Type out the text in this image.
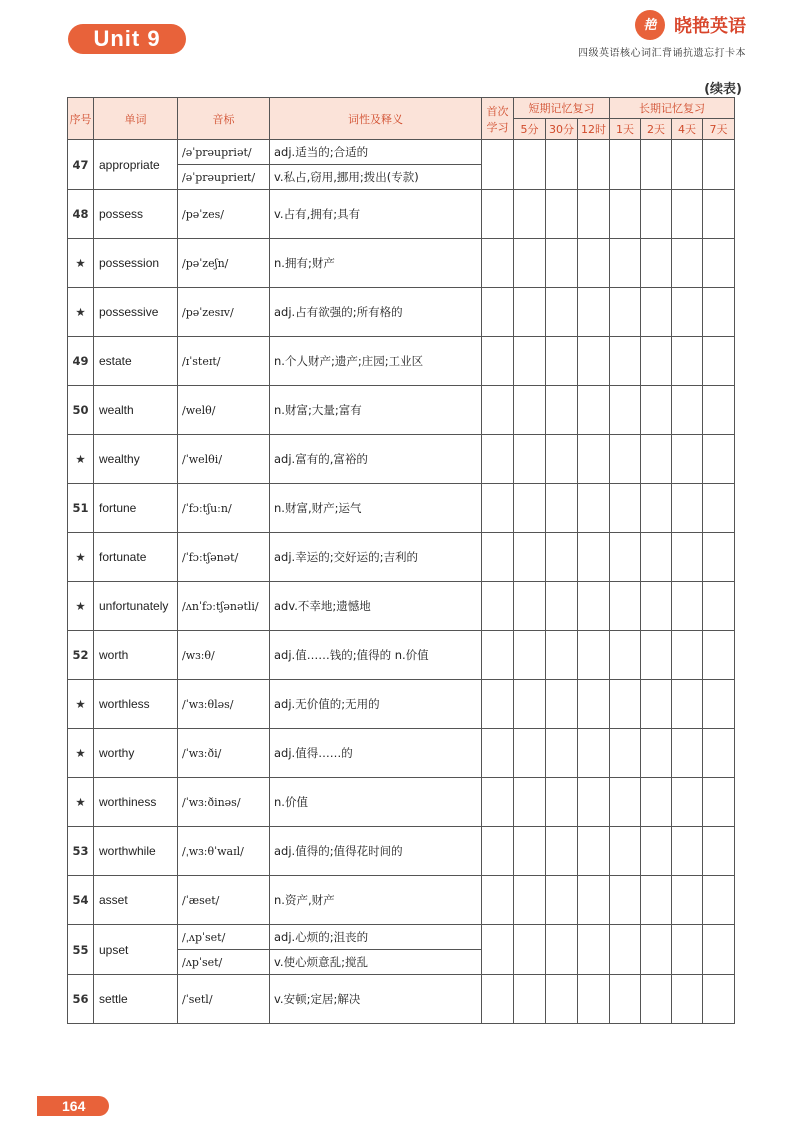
Unit 9
艳 晓艳英语
四级英语核心词汇背诵抗遗忘打卡本
(续表)
序号	单词	音标	词性及释义	首次学习	短期记忆复习			长期记忆复习			
					5分	30分	12时	1天	2天	4天	7天
47	appropriate	/əˈprəupriət/	adj.适当的;合适的								
		/əˈprəuprieɪt/	v.私占,窃用,挪用;拨出(专款)								
48	possess	/pəˈzes/	v.占有,拥有;具有								
★	possession	/pəˈzeʃn/	n.拥有;财产								
★	possessive	/pəˈzesɪv/	adj.占有欲强的;所有格的								
49	estate	/ɪˈsteɪt/	n.个人财产;遗产;庄园;工业区								
50	wealth	/welθ/	n.财富;大量;富有								
★	wealthy	/ˈwelθi/	adj.富有的,富裕的								
51	fortune	/ˈfɔːtʃuːn/	n.财富,财产;运气								
★	fortunate	/ˈfɔːtʃənət/	adj.幸运的;交好运的;吉利的								
★	unfortunately	/ʌnˈfɔːtʃənətli/	adv.不幸地;遗憾地								
52	worth	/wɜːθ/	adj.值……钱的;值得的 n.价值								
★	worthless	/ˈwɜːθləs/	adj.无价值的;无用的								
★	worthy	/ˈwɜːði/	adj.值得……的								
★	worthiness	/ˈwɜːðinəs/	n.价值								
53	worthwhile	/ˌwɜːθˈwaɪl/	adj.值得的;值得花时间的								
54	asset	/ˈæset/	n.资产,财产								
55	upset	/ˌʌpˈset/	adj.心烦的;沮丧的								
		/ʌpˈset/	v.使心烦意乱;搅乱								
56	settle	/ˈsetl/	v.安顿;定居;解决								
164
